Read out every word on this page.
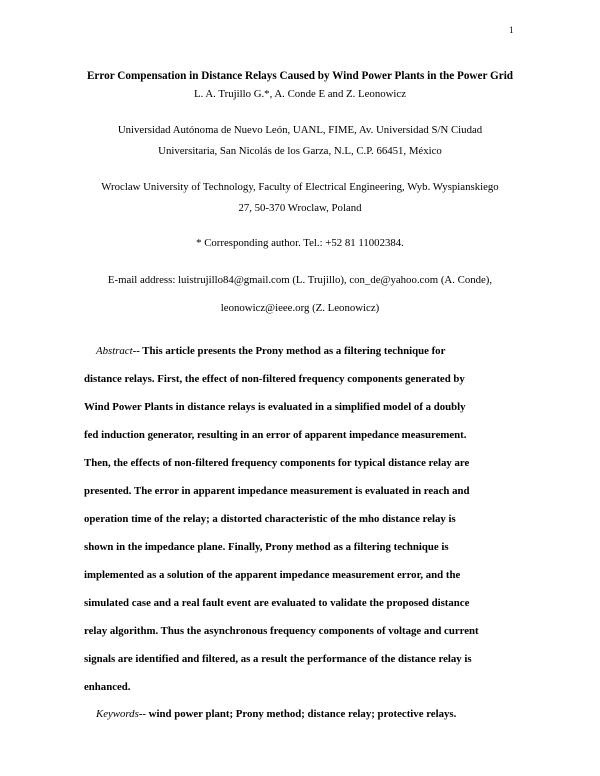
1
Error Compensation in Distance Relays Caused by Wind Power Plants in the Power Grid
L. A. Trujillo G.*, A. Conde E and Z. Leonowicz
Universidad Autónoma de Nuevo León, UANL, FIME, Av. Universidad S/N Ciudad
Universitaria, San Nicolás de los Garza, N.L, C.P. 66451, México
Wroclaw University of Technology, Faculty of Electrical Engineering, Wyb. Wyspianskiego
27, 50-370 Wroclaw, Poland
* Corresponding author. Tel.: +52 81 11002384.
E-mail address: luistrujillo84@gmail.com (L. Trujillo), con_de@yahoo.com (A. Conde),
leonowicz@ieee.org (Z. Leonowicz)
Abstract-- This article presents the Prony method as a filtering technique for
distance relays. First, the effect of non-filtered frequency components generated by
Wind Power Plants in distance relays is evaluated in a simplified model of a doubly
fed induction generator, resulting in an error of apparent impedance measurement.
Then, the effects of non-filtered frequency components for typical distance relay are
presented. The error in apparent impedance measurement is evaluated in reach and
operation time of the relay; a distorted characteristic of the mho distance relay is
shown in the impedance plane. Finally, Prony method as a filtering technique is
implemented as a solution of the apparent impedance measurement error, and the
simulated case and a real fault event are evaluated to validate the proposed distance
relay algorithm. Thus the asynchronous frequency components of voltage and current
signals are identified and filtered, as a result the performance of the distance relay is
enhanced.
Keywords-- wind power plant; Prony method; distance relay; protective relays.
